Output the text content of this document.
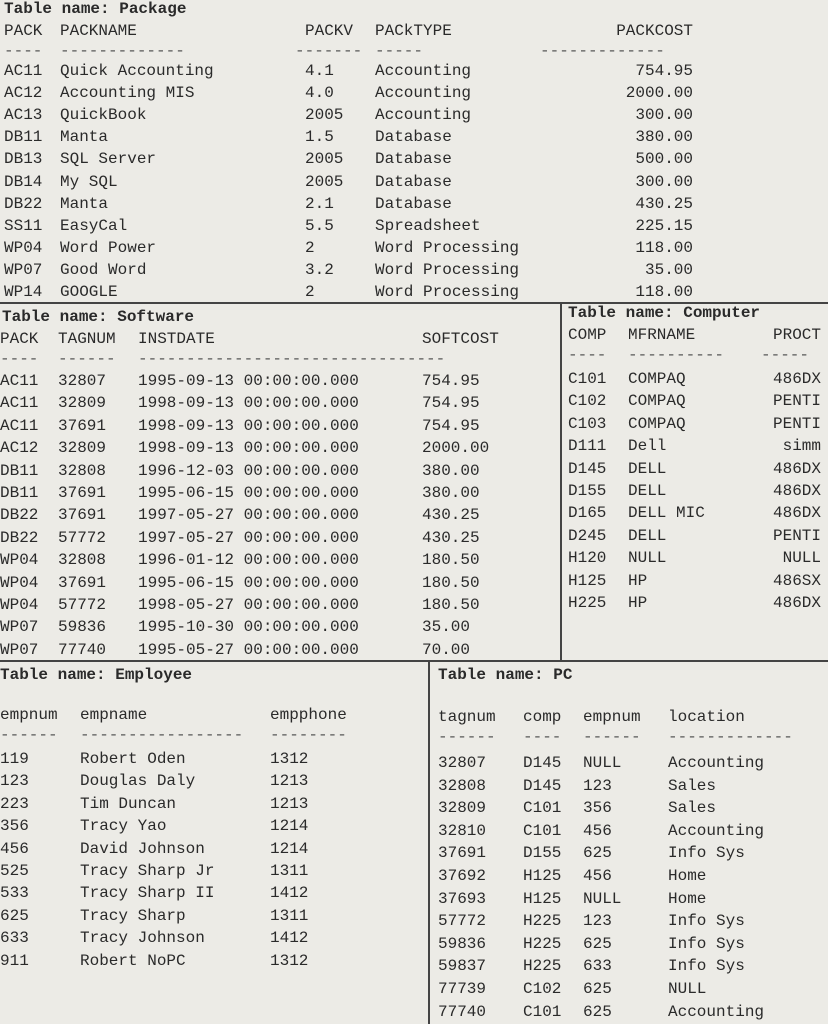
Table name: Package
PACK PACKNAME	PACKV PACkTYPE	PACKCOST
---- -------------	------- -----	-------------
AC11 Quick Accounting	4.1	Accounting	754.95
AC12 Accounting MIS	4.0	Accounting	2000.00
AC13 QuickBook	2005 Accounting	300.00
DB11 Manta	1.5	Database	380.00
DB13 SQL Server	2005 Database	500.00
DB14 My SQL	2005 Database	300.00
DB22 Manta	2.1	Database	430.25
SS11 EasyCal	5.5	Spreadsheet	225.15
WP04 Word Power	2	Word Processing	118.00
WP07 Good Word	3.2	Word Processing	35.00
WP14 GOOGLE	2	Word Processing	118.00
Table name: Software
PACK TAGNUM INSTDATE	SOFTCOST
---- ------ --------------------------------
AC11 32807 1995-09-13 00:00:00.000	754.95
AC11 32809 1998-09-13 00:00:00.000	754.95
AC11 37691 1998-09-13 00:00:00.000	754.95
AC12 32809 1998-09-13 00:00:00.000	2000.00
DB11 32808 1996-12-03 00:00:00.000	380.00
DB11 37691 1995-06-15 00:00:00.000	380.00
DB22 37691 1997-05-27 00:00:00.000	430.25
DB22 57772 1997-05-27 00:00:00.000	430.25
WP04 32808 1996-01-12 00:00:00.000	180.50
WP04 37691 1995-06-15 00:00:00.000	180.50
WP04 57772 1998-05-27 00:00:00.000	180.50
WP07 59836 1995-10-30 00:00:00.000	35.00
WP07 77740 1995-05-27 00:00:00.000	70.00
Table name: Computer
COMP MFRNAME	PROCT
---- ---------- -----
C101 COMPAQ	486DX
C102 COMPAQ	PENTI
C103 COMPAQ	PENTI
D111 Dell	simm
D145 DELL	486DX
D155 DELL	486DX
D165 DELL MIC	486DX
D245 DELL	PENTI
H120 NULL	NULL
H125 HP	486SX
H225 HP	486DX
Table name: Employee
empnum empname	empphone
------ ----------------- --------
119	Robert Oden	1312
123	Douglas Daly	1213
223	Tim Duncan	1213
356	Tracy Yao	1214
456	David Johnson	1214
525	Tracy Sharp Jr	1311
533	Tracy Sharp II	1412
625	Tracy Sharp	1311
633	Tracy Johnson	1412
911	Robert NoPC	1312
Table name: PC
tagnum comp empnum location
------ ---- ------ -------------
32807 D145 NULL	Accounting
32808 D145 123	Sales
32809 C101 356	Sales
32810 C101 456	Accounting
37691 D155 625	Info Sys
37692 H125 456	Home
37693 H125 NULL	Home
57772 H225 123	Info Sys
59836 H225 625	Info Sys
59837 H225 633	Info Sys
77739 C102 625	NULL
77740 C101 625	Accounting
